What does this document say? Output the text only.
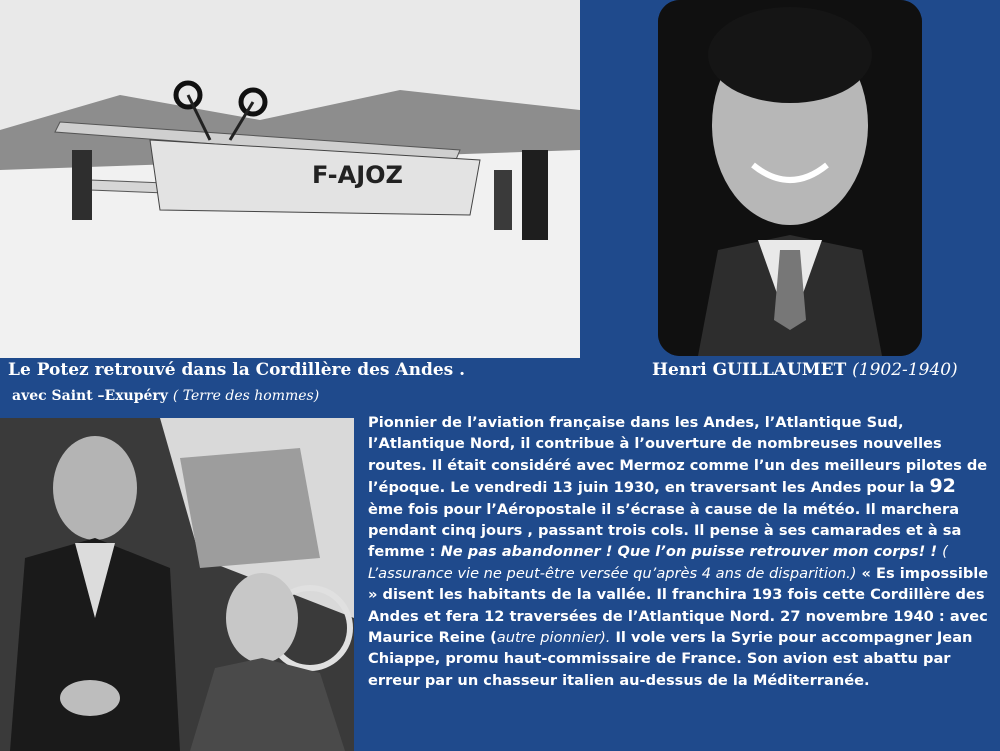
F-AJOZ
Le Potez retrouvé dans la Cordillère des Andes .
avec Saint –Exupéry ( Terre des hommes)
Henri GUILLAUMET (1902-1940)
Pionnier de l’aviation française dans les Andes, l’Atlantique Sud, l’Atlantique Nord, il contribue à l’ouverture de nombreuses nouvelles routes. Il était considéré avec Mermoz comme l’un des meilleurs pilotes de l’époque. Le vendredi 13 juin 1930, en traversant les Andes pour la 92 ème fois pour l’Aéropostale il s’écrase à cause de la météo. Il marchera pendant cinq jours , passant trois cols. Il pense à ses camarades et à sa femme : Ne pas abandonner ! Que l’on puisse retrouver mon corps! ! ( L’assurance vie ne peut-être versée qu’après 4 ans de disparition.) « Es impossible » disent les habitants de la vallée. Il franchira 193 fois cette Cordillère des Andes et fera 12 traversées de l’Atlantique Nord. 27 novembre 1940 : avec Maurice Reine (autre pionnier). Il vole vers la Syrie pour accompagner Jean Chiappe, promu haut-commissaire de France. Son avion est abattu par erreur par un chasseur italien au-dessus de la Méditerranée.
